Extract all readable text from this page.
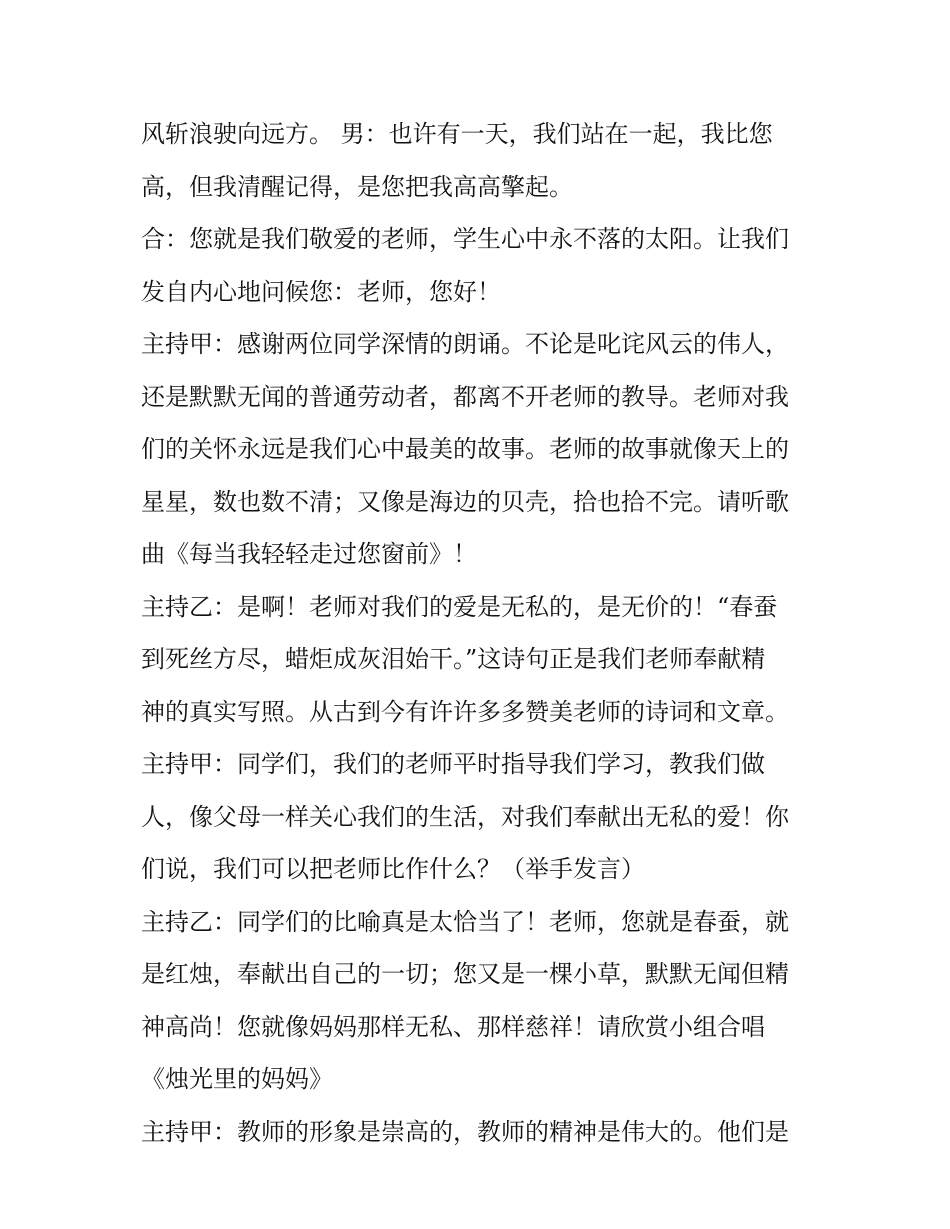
风斩浪驶向远方。 男：也许有一天，我们站在一起，我比您
高，但我清醒记得，是您把我高高擎起。
合：您就是我们敬爱的老师，学生心中永不落的太阳。让我们
发自内心地问候您：老师，您好！
主持甲：感谢两位同学深情的朗诵。不论是叱诧风云的伟人，
还是默默无闻的普通劳动者，都离不开老师的教导。老师对我
们的关怀永远是我们心中最美的故事。老师的故事就像天上的
星星，数也数不清；又像是海边的贝壳，拾也拾不完。请听歌
曲《每当我轻轻走过您窗前》！
主持乙：是啊！老师对我们的爱是无私的，是无价的！“春蚕
到死丝方尽，蜡炬成灰泪始干。”这诗句正是我们老师奉献精
神的真实写照。从古到今有许许多多赞美老师的诗词和文章。
主持甲：同学们，我们的老师平时指导我们学习，教我们做
人，像父母一样关心我们的生活，对我们奉献出无私的爱！你
们说，我们可以把老师比作什么？（举手发言）
主持乙：同学们的比喻真是太恰当了！老师，您就是春蚕，就
是红烛，奉献出自己的一切；您又是一棵小草，默默无闻但精
神高尚！您就像妈妈那样无私、那样慈祥！请欣赏小组合唱
《烛光里的妈妈》
主持甲：教师的形象是崇高的，教师的精神是伟大的。他们是
